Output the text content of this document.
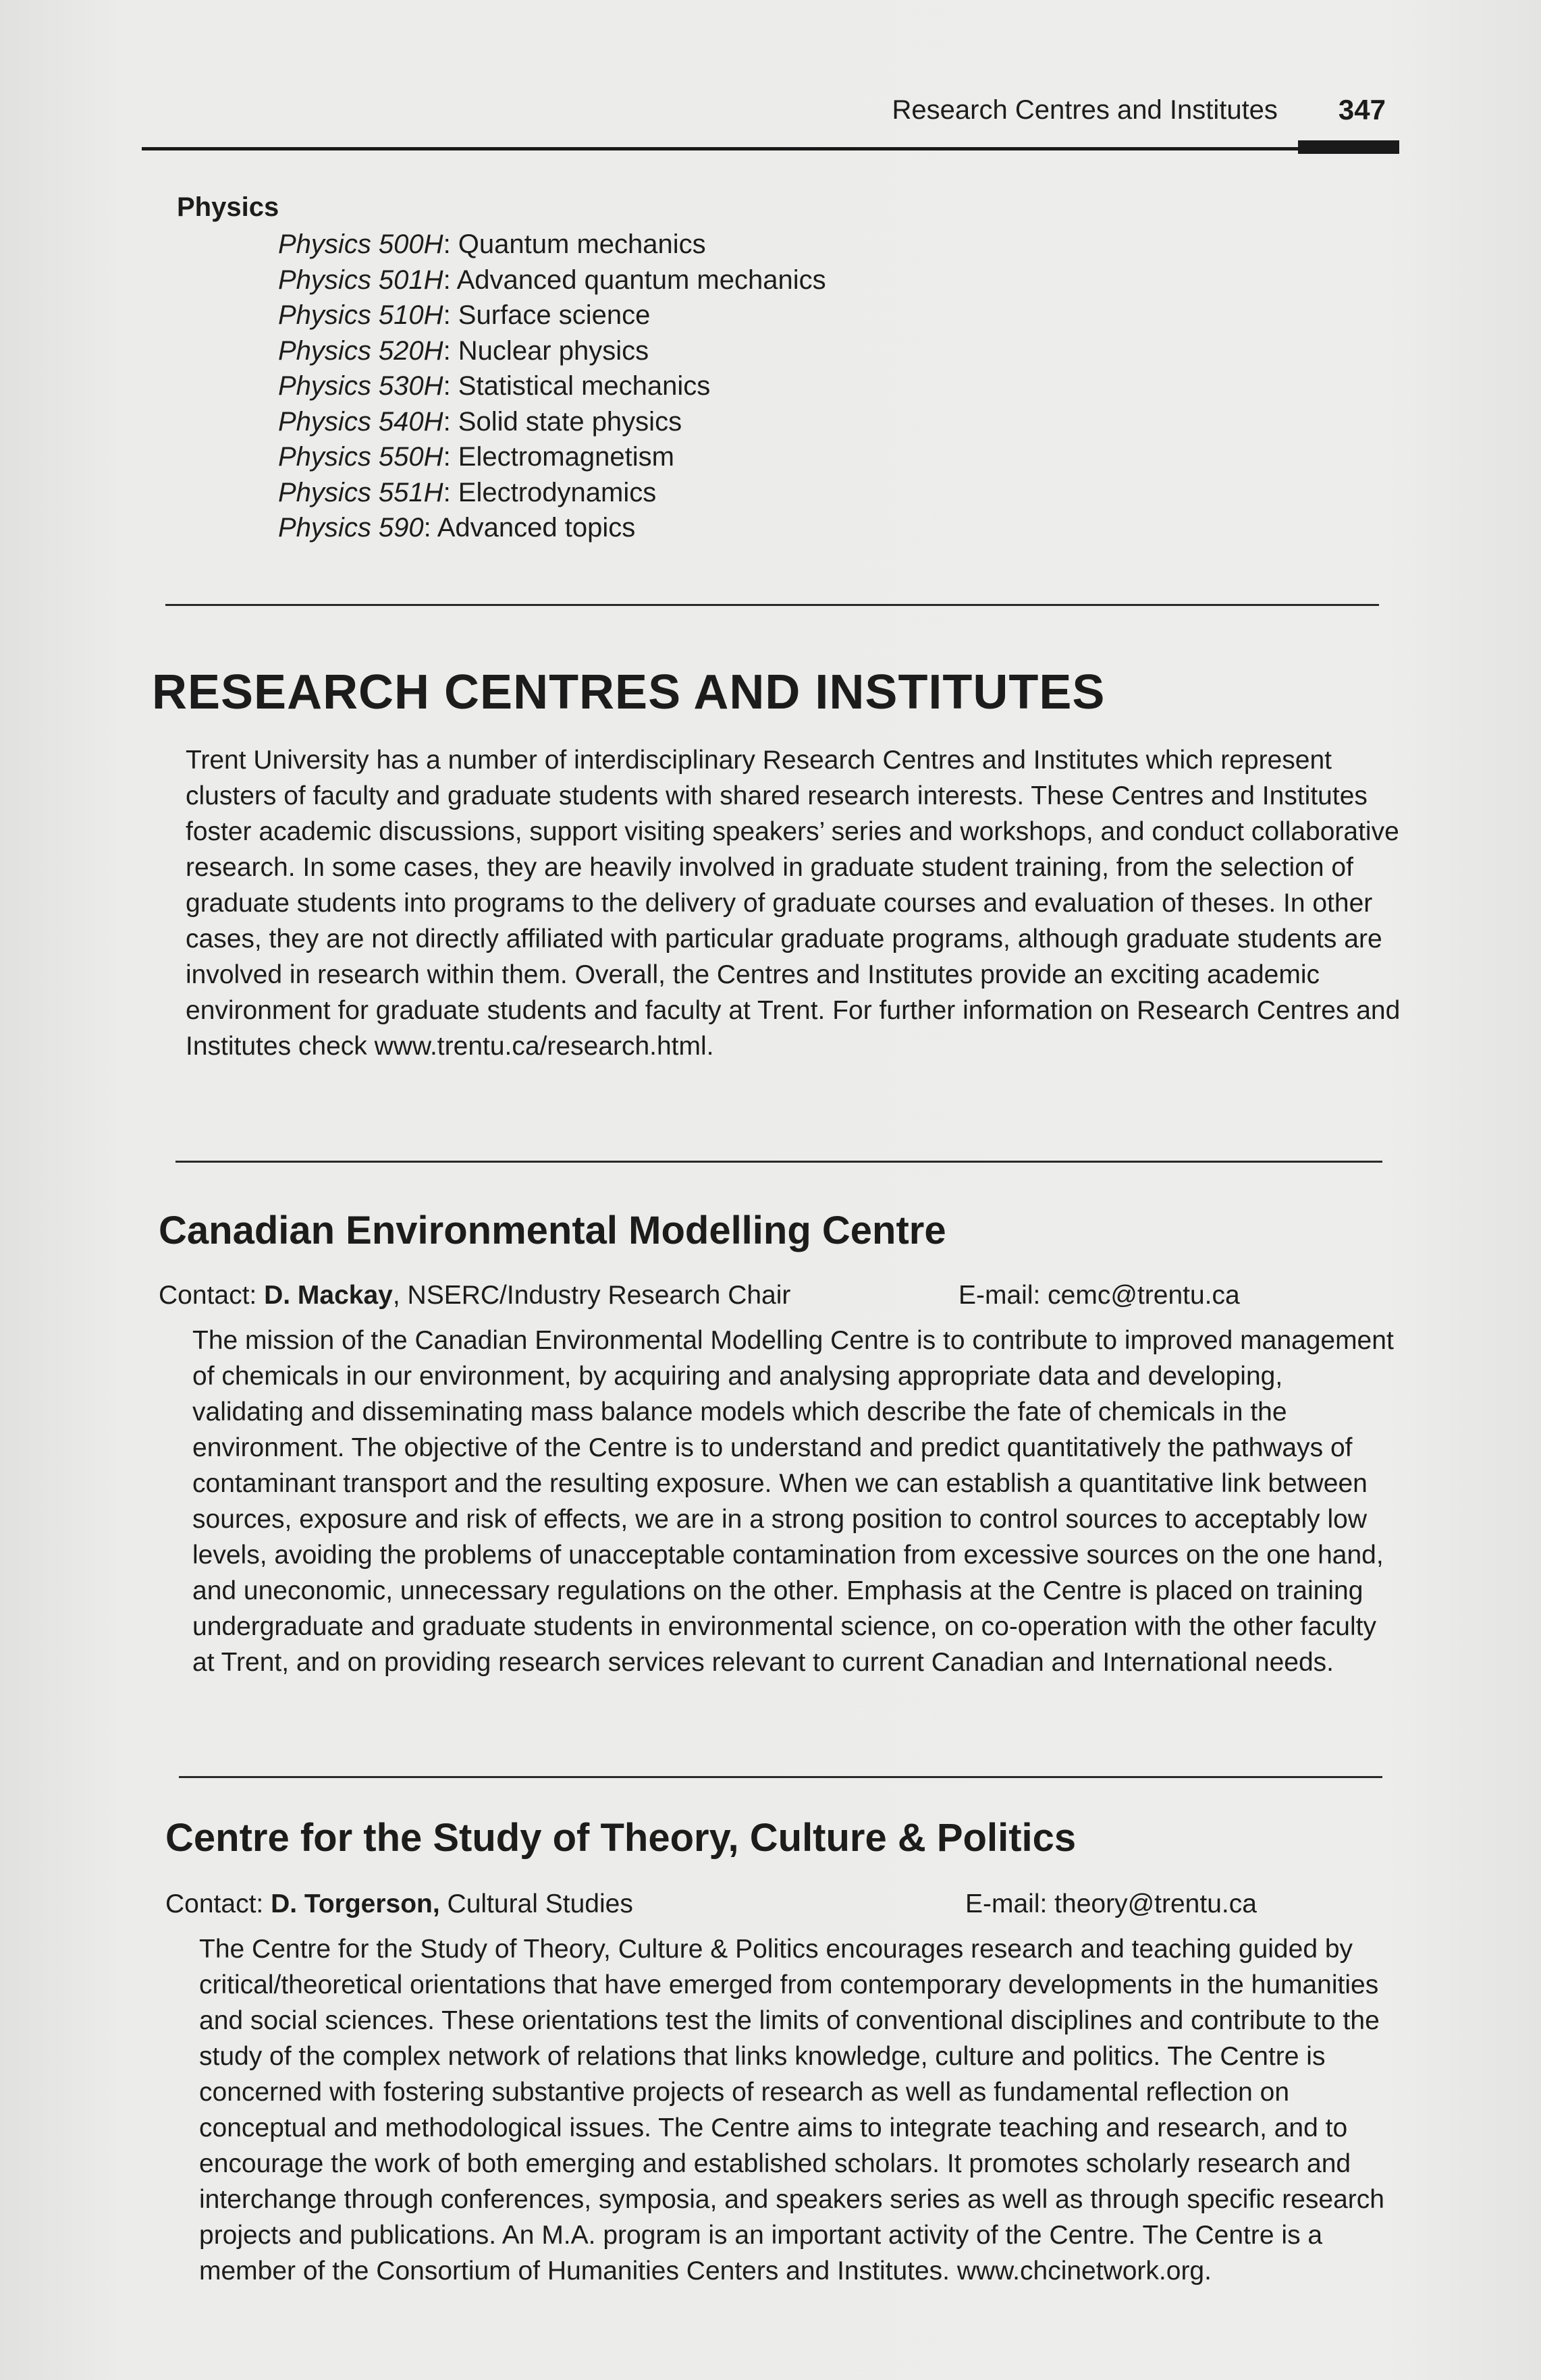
Research Centres and Institutes 347
Physics
Physics 500H: Quantum mechanics
Physics 501H: Advanced quantum mechanics
Physics 510H: Surface science
Physics 520H: Nuclear physics
Physics 530H: Statistical mechanics
Physics 540H: Solid state physics
Physics 550H: Electromagnetism
Physics 551H: Electrodynamics
Physics 590: Advanced topics
RESEARCH CENTRES AND INSTITUTES

Trent University has a number of interdisciplinary Research Centres and Institutes which represent clusters of faculty and graduate students with shared research interests. These Centres and Institutes foster academic discussions, support visiting speakers’ series and workshops, and conduct collaborative research. In some cases, they are heavily involved in graduate student training, from the selection of graduate students into programs to the delivery of graduate courses and evaluation of theses. In other cases, they are not directly affiliated with particular graduate programs, although graduate students are involved in research within them. Overall, the Centres and Institutes provide an exciting academic environment for graduate students and faculty at Trent. For further information on Research Centres and Institutes check www.trentu.ca/research.html.

Canadian Environmental Modelling Centre
Contact: D. Mackay, NSERC/Industry Research Chair	E-mail: cemc@trentu.ca

The mission of the Canadian Environmental Modelling Centre is to contribute to improved management of chemicals in our environment, by acquiring and analysing appropriate data and developing, validating and disseminating mass balance models which describe the fate of chemicals in the environment. The objective of the Centre is to understand and predict quantitatively the pathways of contaminant transport and the resulting exposure. When we can establish a quantitative link between sources, exposure and risk of effects, we are in a strong position to control sources to acceptably low levels, avoiding the problems of unacceptable contamination from excessive sources on the one hand, and uneconomic, unnecessary regulations on the other. Emphasis at the Centre is placed on training undergraduate and graduate students in environmental science, on co-operation with the other faculty at Trent, and on providing research services relevant to current Canadian and International needs.

Centre for the Study of Theory, Culture & Politics
Contact: D. Torgerson, Cultural Studies	E-mail: theory@trentu.ca

The Centre for the Study of Theory, Culture & Politics encourages research and teaching guided by critical/theoretical orientations that have emerged from contemporary developments in the humanities and social sciences. These orientations test the limits of conventional disciplines and contribute to the study of the complex network of relations that links knowledge, culture and politics. The Centre is concerned with fostering substantive projects of research as well as fundamental reflection on conceptual and methodological issues. The Centre aims to integrate teaching and research, and to encourage the work of both emerging and established scholars. It promotes scholarly research and interchange through conferences, symposia, and speakers series as well as through specific research projects and publications. An M.A. program is an important activity of the Centre. The Centre is a member of the Consortium of Humanities Centers and Institutes. www.chcinetwork.org.
